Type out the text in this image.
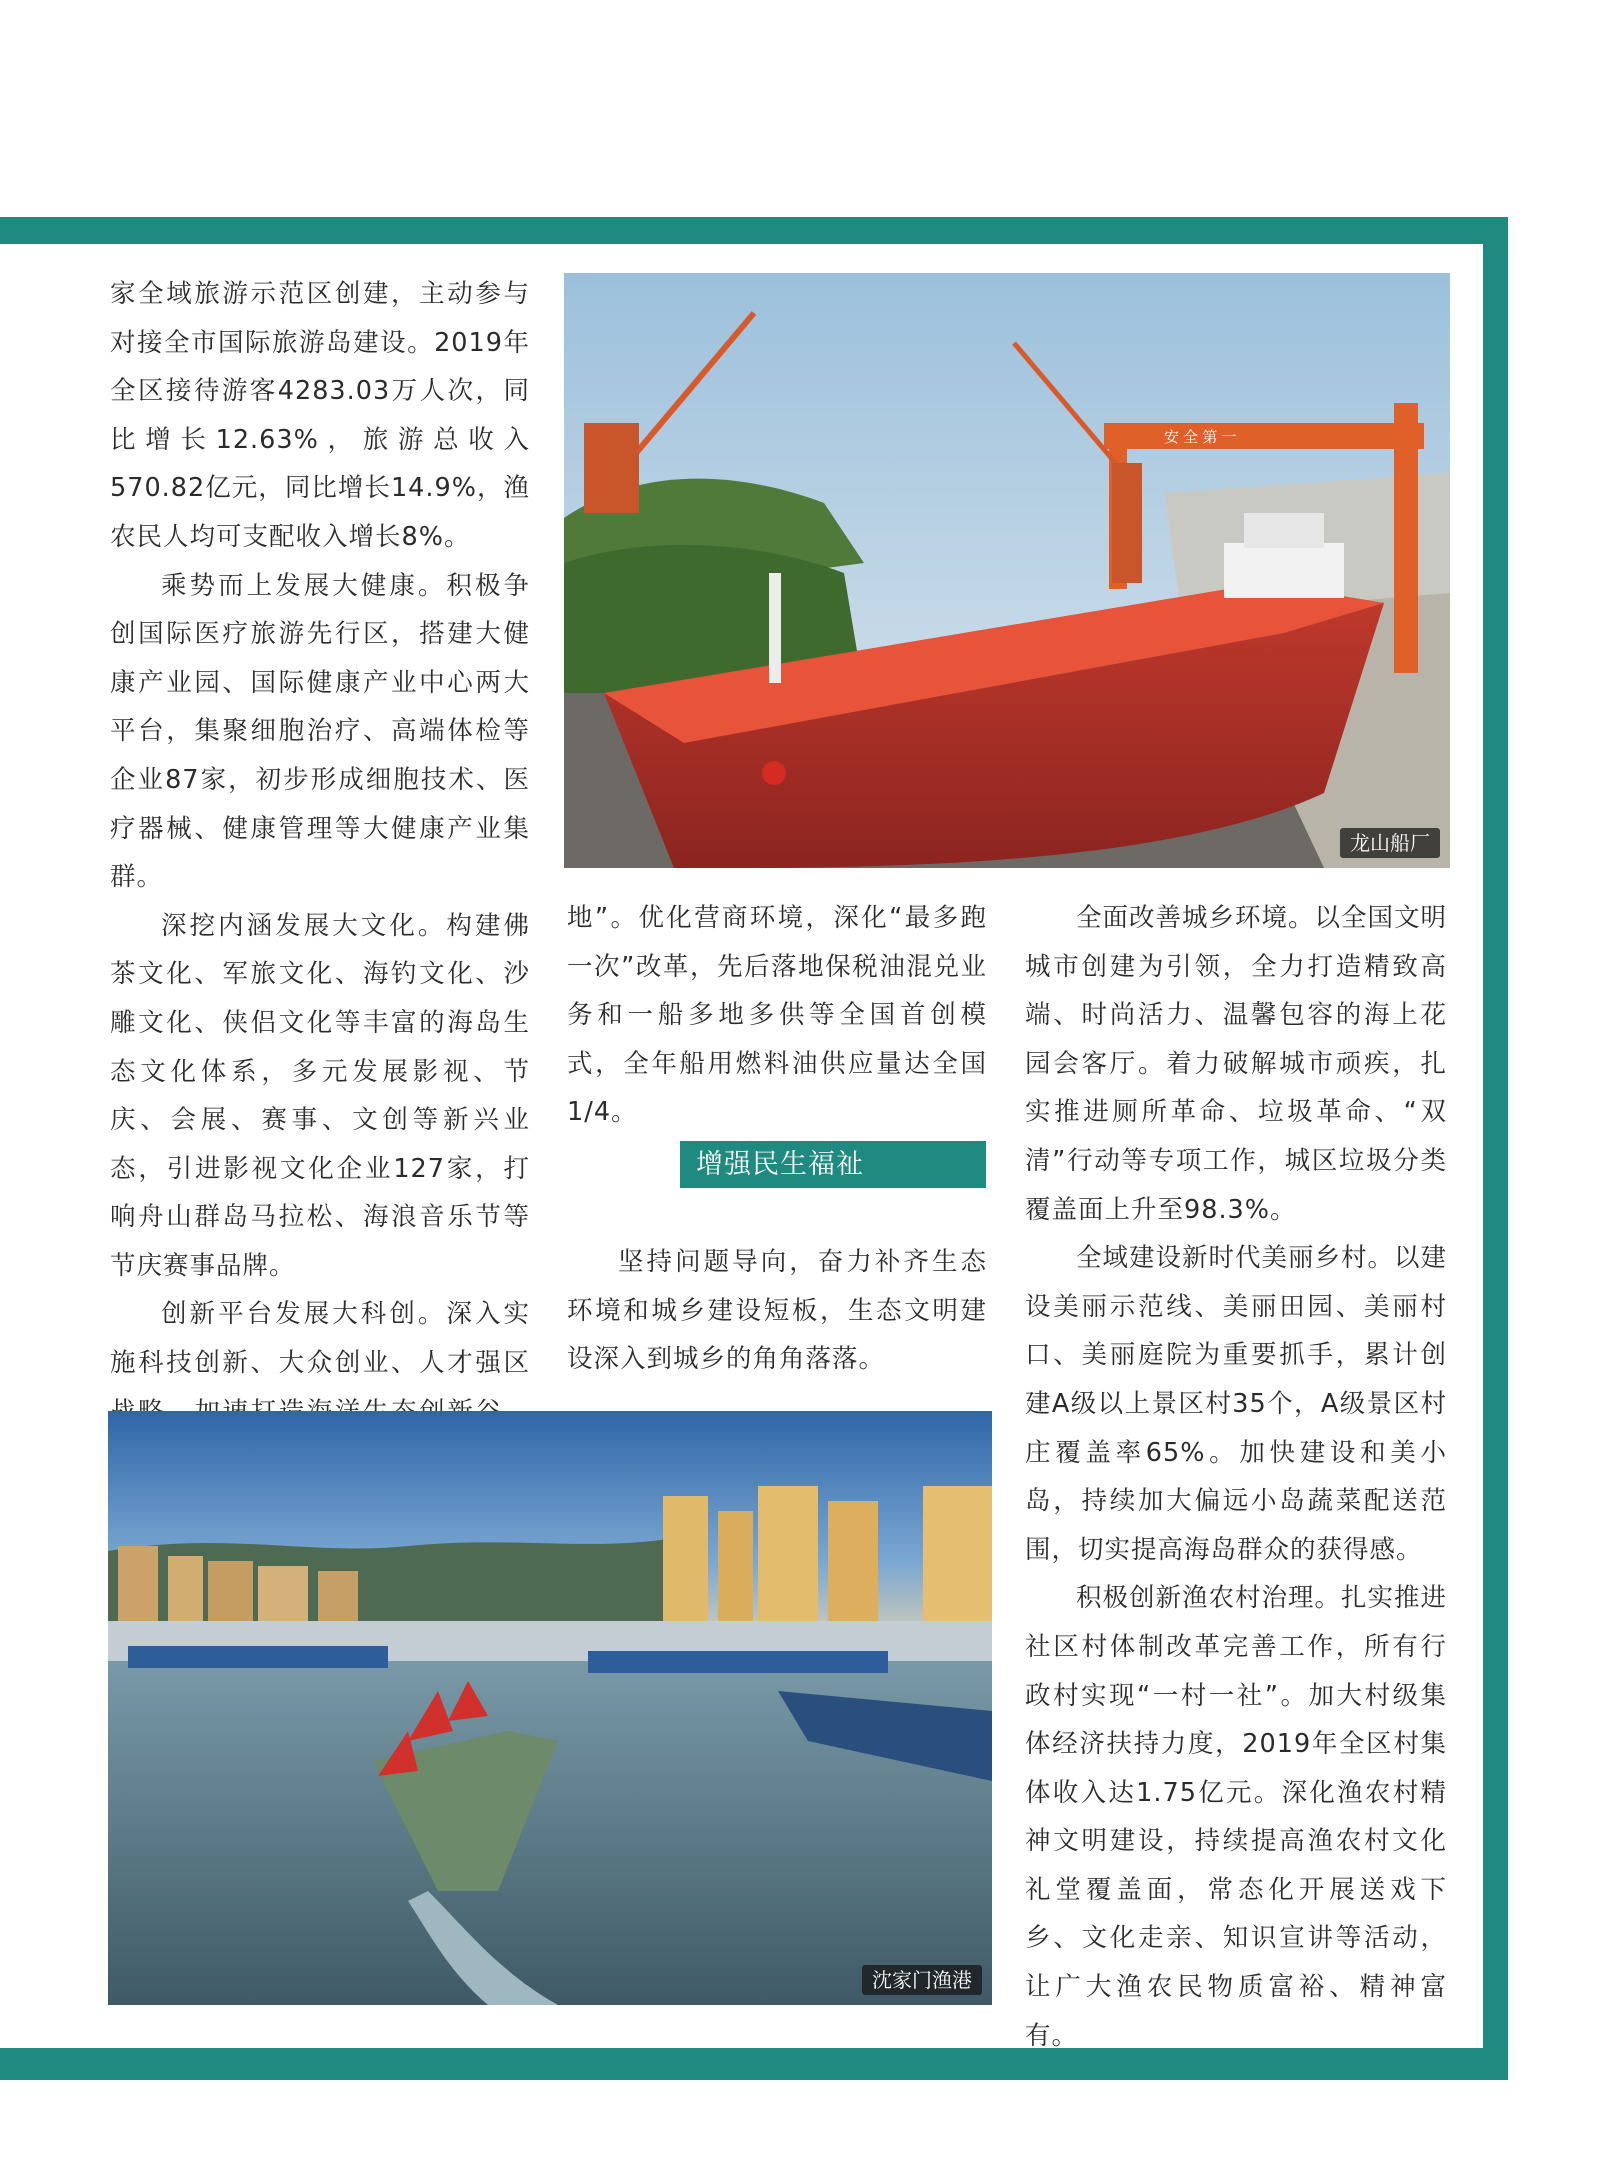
家全域旅游示范区创建，主动参与对接全市国际旅游岛建设。2019年全区接待游客4283.03万人次，同比增长12.63%，旅游总收入570.82亿元，同比增长14.9%，渔农民人均可支配收入增长8%。

乘势而上发展大健康。积极争创国际医疗旅游先行区，搭建大健康产业园、国际健康产业中心两大平台，集聚细胞治疗、高端体检等企业87家，初步形成细胞技术、医疗器械、健康管理等大健康产业集群。

深挖内涵发展大文化。构建佛茶文化、军旅文化、海钓文化、沙雕文化、侠侣文化等丰富的海岛生态文化体系，多元发展影视、节庆、会展、赛事、文创等新兴业态，引进影视文化企业127家，打响舟山群岛马拉松、海浪音乐节等节庆赛事品牌。

创新平台发展大科创。深入实施科技创新、大众创业、人才强区

安 全 第 一
龙山船厂

地”。优化营商环境，深化“最多跑一次”改革，先后落地保税油混兑业务和一船多地多供等全国首创模式，全年船用燃料油供应量达全国1/4。

增强民生福祉

坚持问题导向，奋力补齐生态环境和城乡建设短板，生态文明建设深入到城乡的角角落落。

全面改善城乡环境。以全国文明城市创建为引领，全力打造精致高端、时尚活力、温馨包容的海上花园会客厅。着力破解城市顽疾，扎实推进厕所革命、垃圾革命、“双清”行动等专项工作，城区垃圾分类覆盖面上升至98.3%。

全域建设新时代美丽乡村。以建设美丽示范线、美丽田园、美丽村口、美丽庭院为重要抓手，累计创建A级以上景区村35个，A级景区村庄覆盖率65%。加快建设和美小岛，持续加大偏远小岛蔬菜配送范围，切实提高海岛群众的获得感。

积极创新渔农村治理。扎实推进社区村体制改革完善工作，所有行政村实现“一村一社”。加大村级集体经济扶持力度，2019年全区村集体收入达1.75亿元。深化渔农村精神文明建设，持续提高渔农村文化礼堂覆盖面，常态化开展送戏下乡、文化走亲、知识宣讲等活动，让广大渔农民物质富裕、精神富有。

沈家门渔港
